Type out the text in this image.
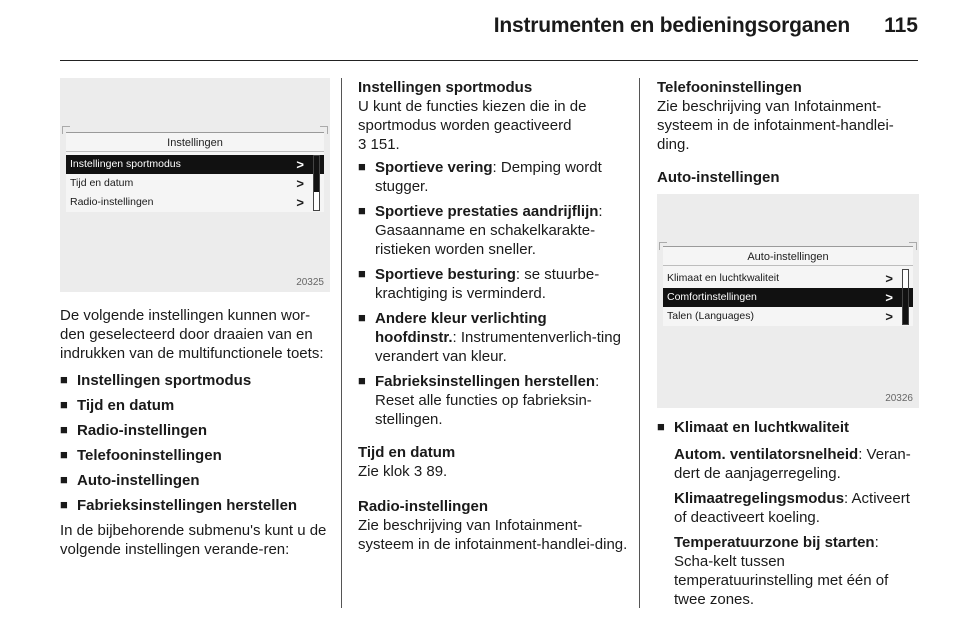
Instrumenten en bedieningsorganen 115
Instellingen
Instellingen sportmodus	>
Tijd en datum	>
Radio-instellingen	>
20325

De volgende instellingen kunnen wor-den geselecteerd door draaien van en indrukken van de multifunctionele toets:

■ Instellingen sportmodus
■ Tijd en datum
■ Radio-instellingen
■ Telefooninstellingen
■ Auto-instellingen
■ Fabrieksinstellingen herstellen

In de bijbehorende submenu's kunt u de volgende instellingen verande-ren:

Instellingen sportmodus
U kunt de functies kiezen die in de sportmodus worden geactiveerd

3 151.

■ Sportieve vering: Demping wordt stugger.
■ Sportieve prestaties aandrijflijn: Gasaanname en schakelkarakte-ristieken worden sneller.
■ Sportieve besturing: se stuurbe-krachtiging is verminderd.
■ Andere kleur verlichting hoofdinstr.: Instrumentenverlich-ting verandert van kleur.
■ Fabrieksinstellingen herstellen: Reset alle functies op fabrieksin-stellingen.
Tijd en datum

Zie klok 3 89.

Radio-instellingen

Zie beschrijving van Infotainment-systeem in de infotainment-handlei-ding.

Telefooninstellingen

Zie beschrijving van Infotainment-systeem in de infotainment-handlei-ding.

Auto-instellingen
Auto-instellingen
Klimaat en luchtkwaliteit	>
Comfortinstellingen	>
Talen (Languages)	>
20326
■ Klimaat en luchtkwaliteit
Autom. ventilatorsnelheid: Veran-dert de aanjagerregeling.
Klimaatregelingsmodus: Activeert of deactiveert koeling.
Temperatuurzone bij starten: Scha-kelt tussen temperatuurinstelling met één of twee zones.
